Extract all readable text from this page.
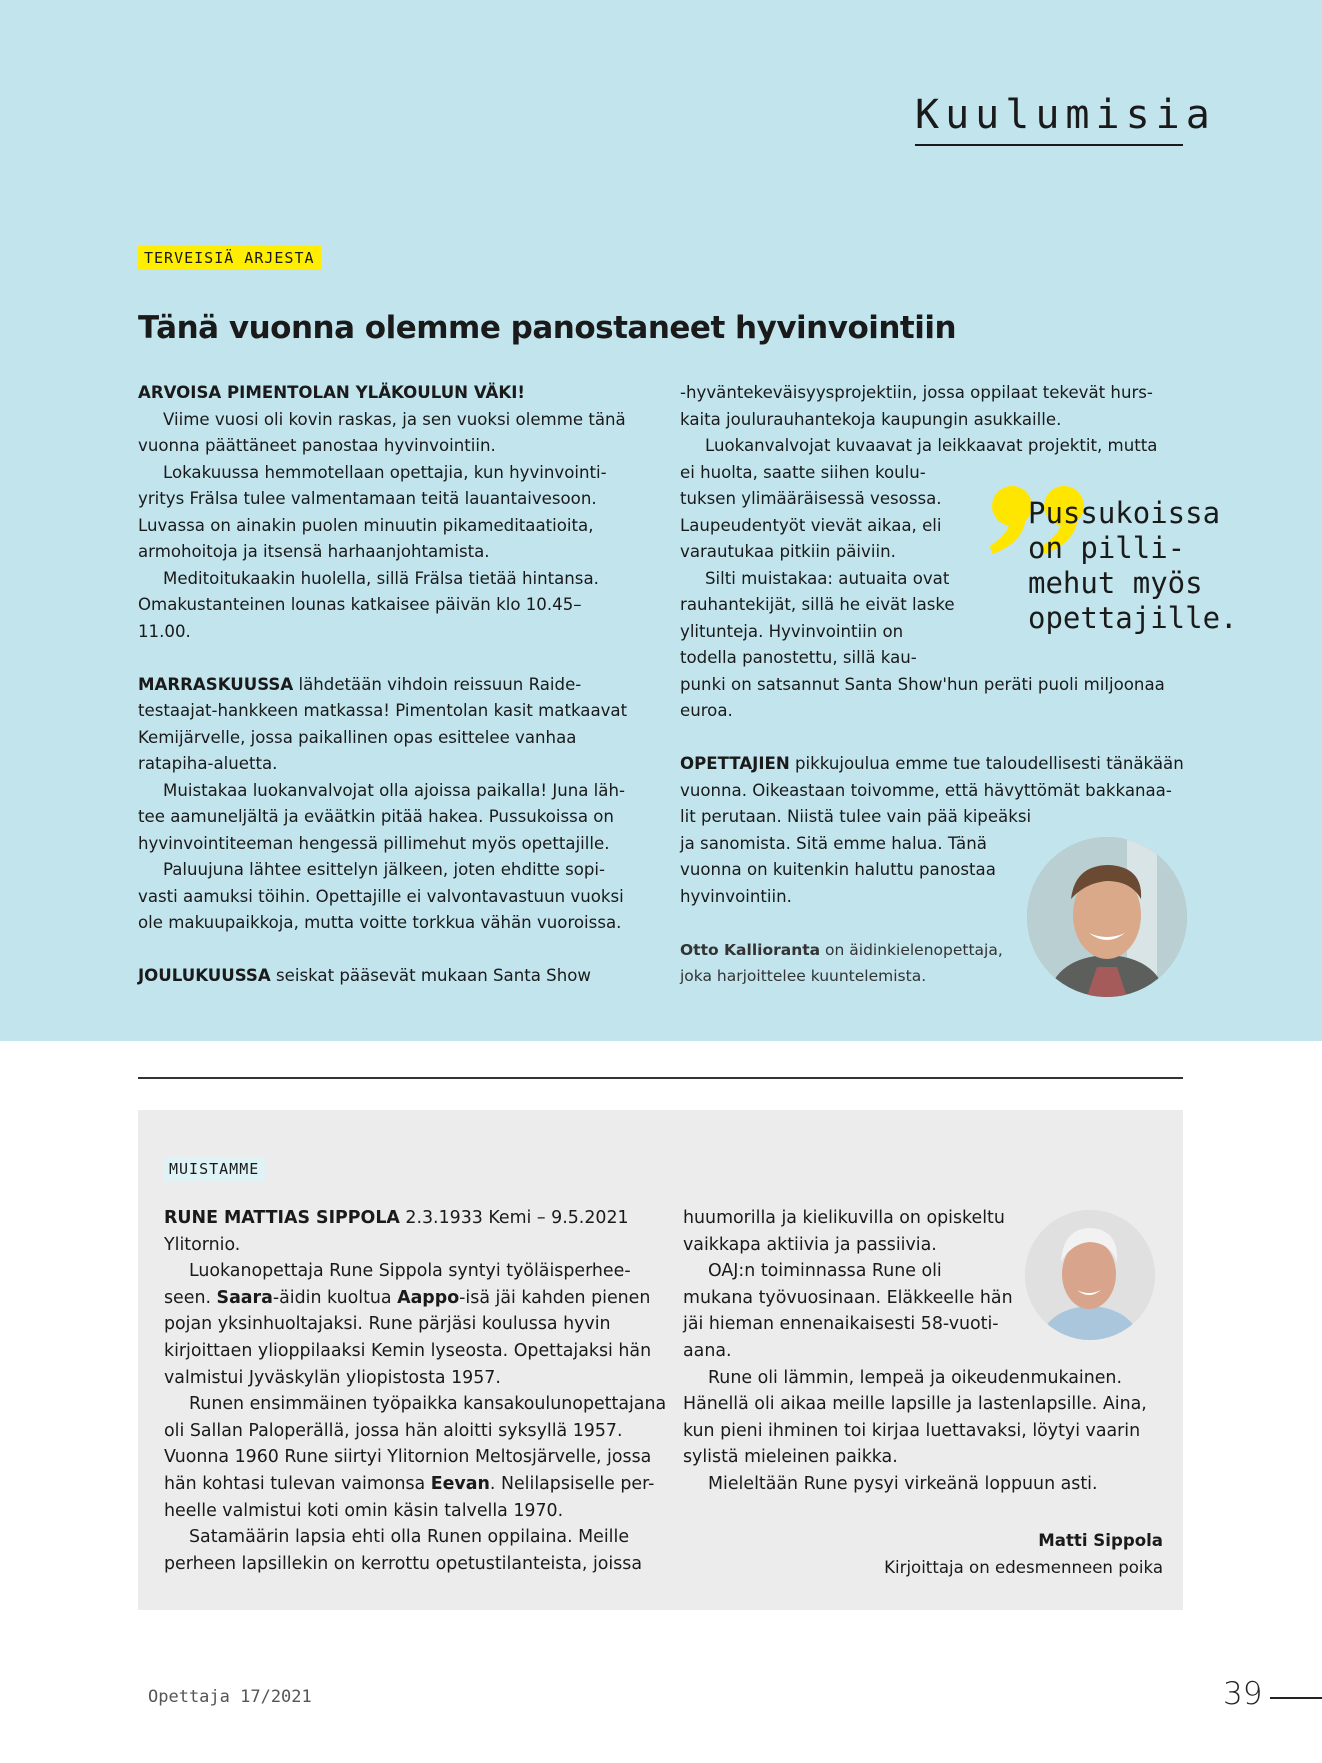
Kuulumisia
TERVEISIÄ ARJESTA
Tänä vuonna olemme panostaneet hyvinvointiin

ARVOISA PIMENTOLAN YLÄKOULUN VÄKI!

Viime vuosi oli kovin raskas, ja sen vuoksi olemme tänä

vuonna päättäneet panostaa hyvinvointiin.

Lokakuussa hemmotellaan opettajia, kun hyvinvointi-

yritys Frälsa tulee valmentamaan teitä lauantaivesoon.

Luvassa on ainakin puolen minuutin pikameditaatioita,

armohoitoja ja itsensä harhaanjohtamista.

Meditoitukaakin huolella, sillä Frälsa tietää hintansa.

Omakustanteinen lounas katkaisee päivän klo 10.45–

11.00.

MARRASKUUSSA lähdetään vihdoin reissuun Raide-

testaajat-hankkeen matkassa! Pimentolan kasit matkaavat

Kemijärvelle, jossa paikallinen opas esittelee vanhaa

ratapiha-aluetta.

Muistakaa luokanvalvojat olla ajoissa paikalla! Juna läh-

tee aamuneljältä ja eväätkin pitää hakea. Pussukoissa on

hyvinvointiteeman hengessä pillimehut myös opettajille.

Paluujuna lähtee esittelyn jälkeen, joten ehditte sopi-

vasti aamuksi töihin. Opettajille ei valvontavastuun vuoksi

ole makuupaikkoja, mutta voitte torkkua vähän vuoroissa.

JOULUKUUSSA seiskat pääsevät mukaan Santa Show

-hyväntekeväisyysprojektiin, jossa oppilaat tekevät hurs-

kaita joulurauhantekoja kaupungin asukkaille.

Luokanvalvojat kuvaavat ja leikkaavat projektit, mutta

ei huolta, saatte siihen koulu-

tuksen ylimääräisessä vesossa.

Laupeudentyöt vievät aikaa, eli

varautukaa pitkiin päiviin.

Silti muistakaa: autuaita ovat

rauhantekijät, sillä he eivät laske

ylitunteja. Hyvinvointiin on

todella panostettu, sillä kau-

punki on satsannut Santa Show'hun peräti puoli miljoonaa

euroa.

OPETTAJIEN pikkujoulua emme tue taloudellisesti tänäkään

vuonna. Oikeastaan toivomme, että hävyttömät bakkanaa-

lit perutaan. Niistä tulee vain pää kipeäksi

ja sanomista. Sitä emme halua. Tänä

vuonna on kuitenkin haluttu panostaa

hyvinvointiin.

Otto Kallioranta on äidinkielenopettaja,

joka harjoittelee kuuntelemista.

Pussukoissa

on pilli-

mehut myös

opettajille.

MUISTAMME

RUNE MATTIAS SIPPOLA 2.3.1933 Kemi – 9.5.2021

Ylitornio.

Luokanopettaja Rune Sippola syntyi työläisperhee-

seen. Saara-äidin kuoltua Aappo-isä jäi kahden pienen

pojan yksinhuoltajaksi. Rune pärjäsi koulussa hyvin

kirjoittaen ylioppilaaksi Kemin lyseosta. Opettajaksi hän

valmistui Jyväskylän yliopistosta 1957.

Runen ensimmäinen työpaikka kansakoulunopettajana

oli Sallan Paloperällä, jossa hän aloitti syksyllä 1957.

Vuonna 1960 Rune siirtyi Ylitornion Meltosjärvelle, jossa

hän kohtasi tulevan vaimonsa Eevan. Nelilapsiselle per-

heelle valmistui koti omin käsin talvella 1970.

Satamäärin lapsia ehti olla Runen oppilaina. Meille

perheen lapsillekin on kerrottu opetustilanteista, joissa

huumorilla ja kielikuvilla on opiskeltu

vaikkapa aktiivia ja passiivia.

OAJ:n toiminnassa Rune oli

mukana työvuosinaan. Eläkkeelle hän

jäi hieman ennenaikaisesti 58-vuoti-

aana.

Rune oli lämmin, lempeä ja oikeudenmukainen.

Hänellä oli aikaa meille lapsille ja lastenlapsille. Aina,

kun pieni ihminen toi kirjaa luettavaksi, löytyi vaarin

sylistä mieleinen paikka.

Mieleltään Rune pysyi virkeänä loppuun asti.

Matti Sippola

Kirjoittaja on edesmenneen poika

Opettaja 17/2021	39
